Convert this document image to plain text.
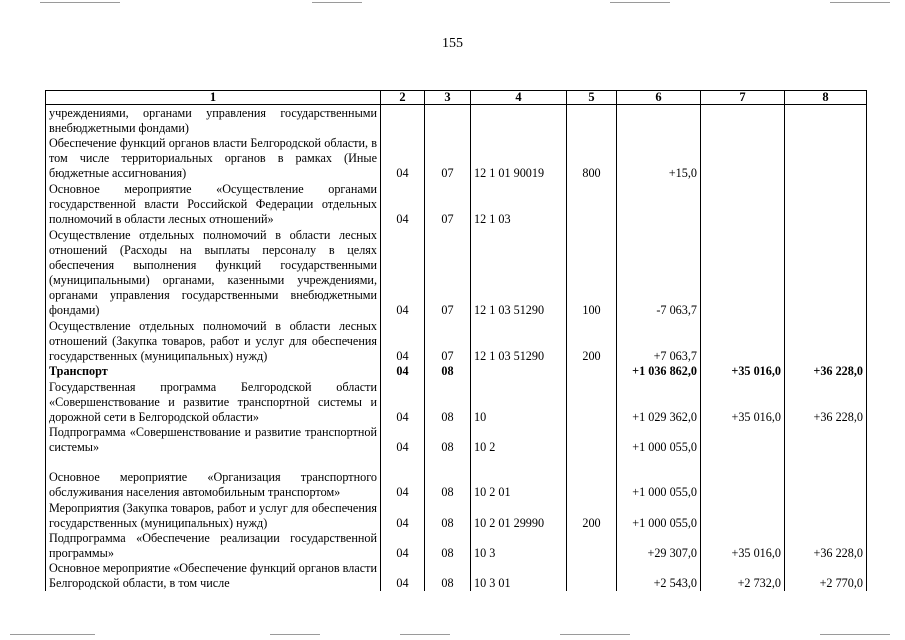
155
1	2	3	4	5	6	7	8
учреждениями, органами управления государственными внебюджетными фондами)							
Обеспечение функций органов власти Белгородской области, в том числе территориальных органов в рамках (Иные бюджетные ассигнования)	04	07	12 1 01 90019	800	+15,0		
Основное мероприятие «Осуществление органами государственной власти Российской Федерации отдельных полномочий в области лесных отношений»	04	07	12 1 03				
Осуществление отдельных полномочий в области лесных отношений (Расходы на выплаты персоналу в целях обеспечения выполнения функций государственными (муниципальными) органами, казенными учреждениями, органами управления государственными внебюджетными фондами)	04	07	12 1 03 51290	100	-7 063,7		
Осуществление отдельных полномочий в области лесных отношений (Закупка товаров, работ и услуг для обеспечения государственных (муниципальных) нужд)	04	07	12 1 03 51290	200	+7 063,7		
Транспорт	04	08			+1 036 862,0	+35 016,0	+36 228,0
Государственная программа Белгородской области «Совершенствование и развитие транспортной системы и дорожной сети в Белгородской области»	04	08	10		+1 029 362,0	+35 016,0	+36 228,0
Подпрограмма «Совершенствование и развитие транспортной системы»	04	08	10 2		+1 000 055,0		
Основное мероприятие «Организация транспортного обслуживания населения автомобильным транспортом»	04	08	10 2 01		+1 000 055,0		
Мероприятия (Закупка товаров, работ и услуг для обеспечения государственных (муниципальных) нужд)	04	08	10 2 01 29990	200	+1 000 055,0		
Подпрограмма «Обеспечение реализации государственной программы»	04	08	10 3		+29 307,0	+35 016,0	+36 228,0
Основное мероприятие «Обеспечение функций органов власти Белгородской области, в том числе	04	08	10 3 01		+2 543,0	+2 732,0	+2 770,0
